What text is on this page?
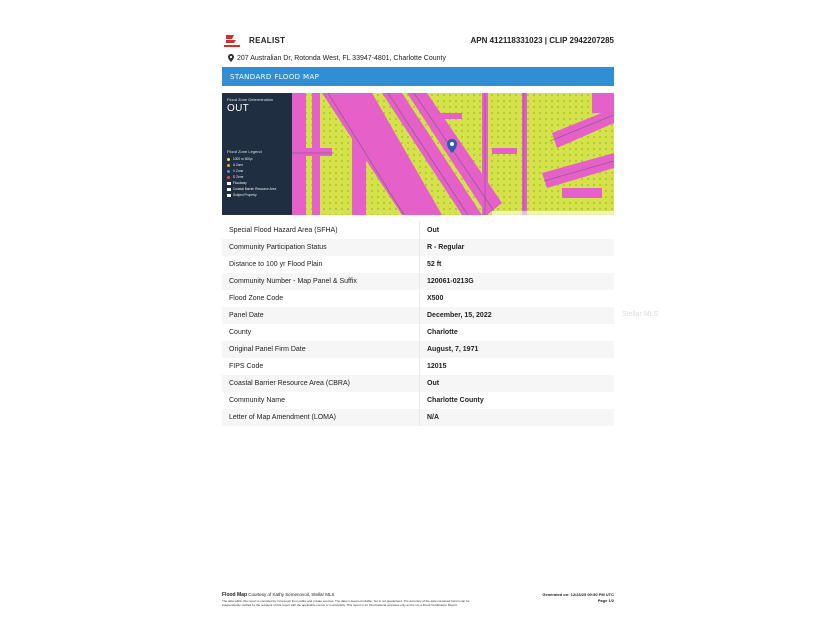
REALIST	APN 412118331023 | CLIP 2942207285
207 Australian Dr, Rotonda West, FL 33947-4801, Charlotte County
STANDARD FLOOD MAP
Flood Zone Determination
OUT
Flood Zone Legend
1000 or 500yr
A Zone
V Zone
D Zone
Floodway
Coastal Barrier Resource Area
Subject Property
Special Flood Hazard Area (SFHA)	Out
Community Participation Status	R - Regular
Distance to 100 yr Flood Plain	52 ft
Community Number - Map Panel & Suffix	120061-0213G
Flood Zone Code	X500
Panel Date	December, 15, 2022
County	Charlotte
Original Panel Firm Date	August, 7, 1971
FIPS Code	12015
Coastal Barrier Resource Area (CBRA)	Out
Community Name	Charlotte County
Letter of Map Amendment (LOMA)	N/A
Stellar MLS
Flood Map Courtesy of Kathy Semenovoil, Stellar MLS
The data within this report is compiled by CoreLogic from public and private sources. The data is deemed reliable, but is not guaranteed. The accuracy of the data contained herein can be
independently verified by the recipient of this report with the applicable county or municipality. This report is for informational purposes only and is not a Flood Certification Report.
Generated on: 12/23/25 09:50 PM UTC
Page 1/2
